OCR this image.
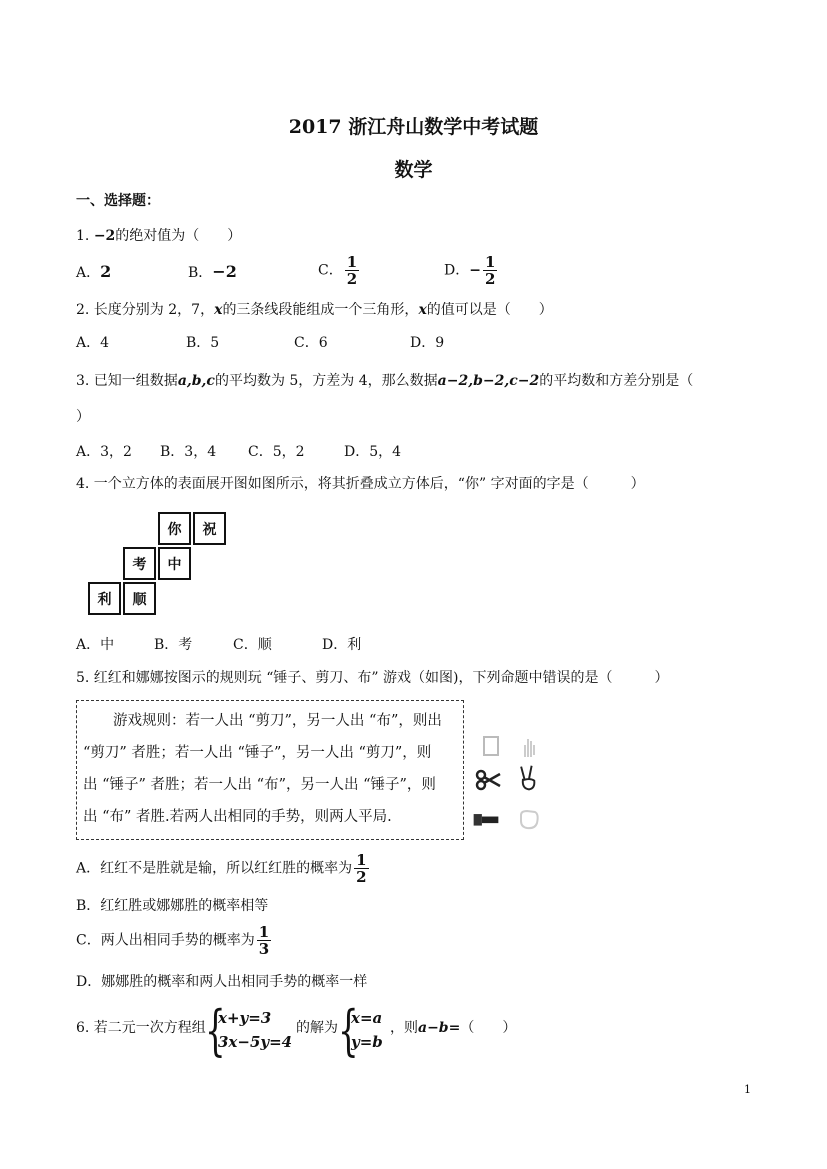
2017 浙江舟山数学中考试题
数学
一、选择题：
1. −2的绝对值为（　　）
A．2	B．−2	C． $\frac{1}{2}$	D．− $\frac{1}{2}$
2. 长度分别为 2，7，x的三条线段能组成一个三角形，x的值可以是（　　）
A．4	B．5	C．6	D．9
3. 已知一组数据a,b,c的平均数为 5，方差为 4，那么数据a−2,b−2,c−2的平均数和方差分别是（
）
A．3，2 B．3，4 C．5，2	D．5，4
4. 一个立方体的表面展开图如图所示，将其折叠成立方体后，“你” 字对面的字是（　　　）
你	祝
考	中
利	顺
A．中	B．考	C．顺	D．利
5. 红红和娜娜按图示的规则玩 “锤子、剪刀、布” 游戏（如图)，下列命题中错误的是（　　　）
游戏规则：若一人出 “剪刀”，另一人出 “布”，则出
“剪刀” 者胜；若一人出 “锤子”，另一人出 “剪刀”，则
出 “锤子” 者胜；若一人出 “布”，另一人出 “锤子”，则
出 “布” 者胜.若两人出相同的手势，则两人平局.
A．红红不是胜就是输，所以红红胜的概率为 $\frac{1}{2}$
B．红红胜或娜娜胜的概率相等
C．两人出相同手势的概率为 $\frac{1}{3}$
D．娜娜胜的概率和两人出相同手势的概率一样
6. 若二元一次方程组 {
x+y=3
3x−5y=4
的解为 {
x=a
y=b
，则a−b=（　　）
1
